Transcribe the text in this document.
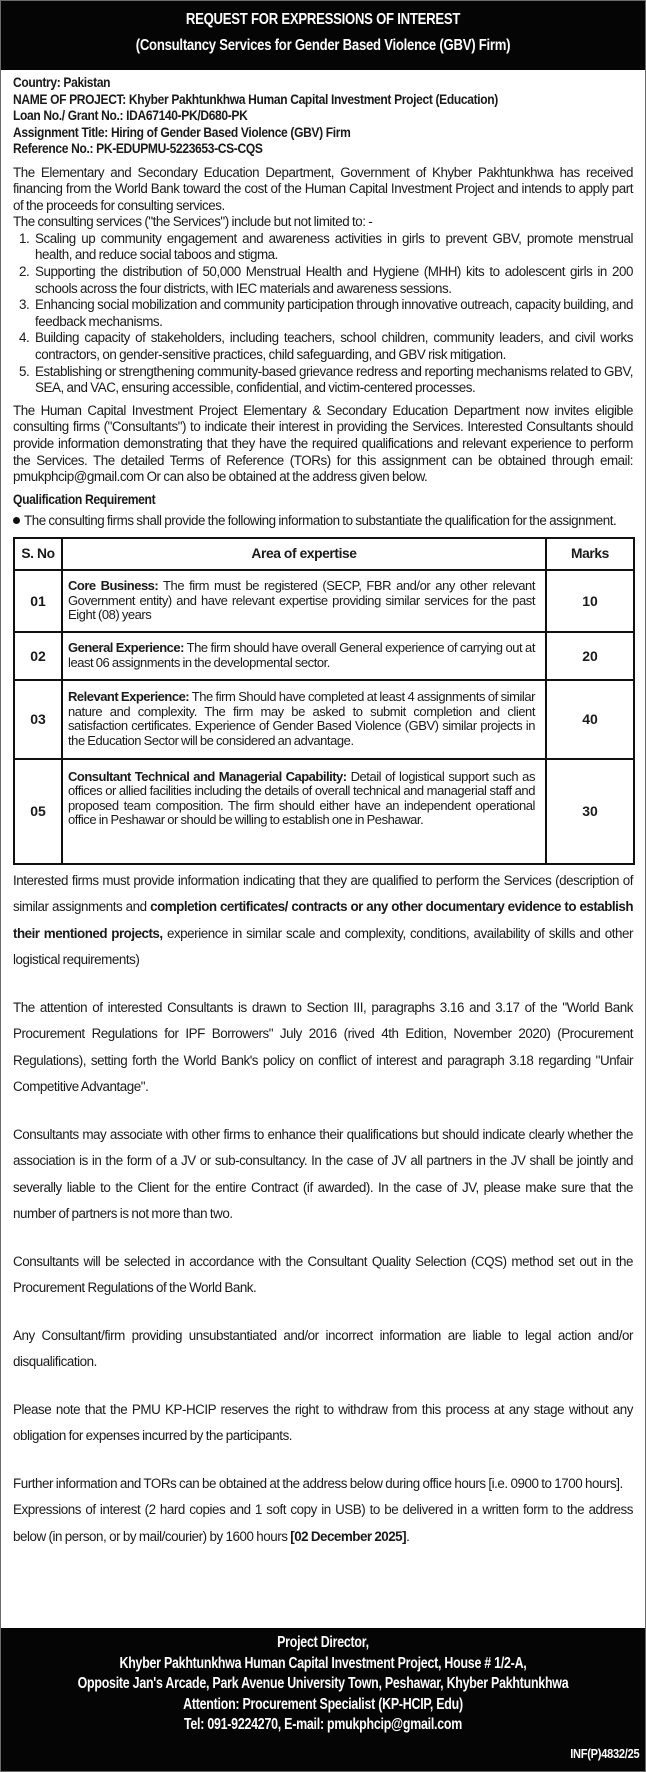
REQUEST FOR EXPRESSIONS OF INTEREST
(Consultancy Services for Gender Based Violence (GBV) Firm)
Country: Pakistan
NAME OF PROJECT: Khyber Pakhtunkhwa Human Capital Investment Project (Education)
Loan No./ Grant No.: IDA67140-PK/D680-PK
Assignment Title: Hiring of Gender Based Violence (GBV) Firm
Reference No.: PK-EDUPMU-5223653-CS-CQS

The Elementary and Secondary Education Department, Government of Khyber Pakhtunkhwa has received financing from the World Bank toward the cost of the Human Capital Investment Project and intends to apply part of the proceeds for consulting services.

The consulting services ("the Services") include but not limited to: -

1. Scaling up community engagement and awareness activities in girls to prevent GBV, promote menstrual health, and reduce social taboos and stigma.
2. Supporting the distribution of 50,000 Menstrual Health and Hygiene (MHH) kits to adolescent girls in 200 schools across the four districts, with IEC materials and awareness sessions.
3. Enhancing social mobilization and community participation through innovative outreach, capacity building, and feedback mechanisms.
4. Building capacity of stakeholders, including teachers, school children, community leaders, and civil works contractors, on gender-sensitive practices, child safeguarding, and GBV risk mitigation.
5. Establishing or strengthening community-based grievance redress and reporting mechanisms related to GBV, SEA, and VAC, ensuring accessible, confidential, and victim-centered processes.

The Human Capital Investment Project Elementary & Secondary Education Department now invites eligible consulting firms ("Consultants") to indicate their interest in providing the Services. Interested Consultants should provide information demonstrating that they have the required qualifications and relevant experience to perform the Services. The detailed Terms of Reference (TORs) for this assignment can be obtained through email: pmukphcip@gmail.com Or can also be obtained at the address given below.

Qualification Requirement
The consulting firms shall provide the following information to substantiate the qualification for the assignment.
S. No	Area of expertise	Marks
01	Core Business: The firm must be registered (SECP, FBR and/or any other relevant Government entity) and have relevant expertise providing similar services for the past Eight (08) years	10
02	General Experience: The firm should have overall General experience of carrying out at least 06 assignments in the developmental sector.	20
03	Relevant Experience: The firm Should have completed at least 4 assignments of similar nature and complexity. The firm may be asked to submit completion and client satisfaction certificates. Experience of Gender Based Violence (GBV) similar projects in the Education Sector will be considered an advantage.	40
05	Consultant Technical and Managerial Capability: Detail of logistical support such as offices or allied facilities including the details of overall technical and managerial staff and proposed team composition. The firm should either have an independent operational office in Peshawar or should be willing to establish one in Peshawar.	30

Interested firms must provide information indicating that they are qualified to perform the Services (description of similar assignments and completion certificates/ contracts or any other documentary evidence to establish their mentioned projects, experience in similar scale and complexity, conditions, availability of skills and other logistical requirements)

The attention of interested Consultants is drawn to Section III, paragraphs 3.16 and 3.17 of the "World Bank Procurement Regulations for IPF Borrowers" July 2016 (rived 4th Edition, November 2020) (Procurement Regulations), setting forth the World Bank's policy on conflict of interest and paragraph 3.18 regarding "Unfair Competitive Advantage".

Consultants may associate with other firms to enhance their qualifications but should indicate clearly whether the association is in the form of a JV or sub-consultancy. In the case of JV all partners in the JV shall be jointly and severally liable to the Client for the entire Contract (if awarded). In the case of JV, please make sure that the number of partners is not more than two.

Consultants will be selected in accordance with the Consultant Quality Selection (CQS) method set out in the Procurement Regulations of the World Bank.

Any Consultant/firm providing unsubstantiated and/or incorrect information are liable to legal action and/or disqualification.

Please note that the PMU KP-HCIP reserves the right to withdraw from this process at any stage without any obligation for expenses incurred by the participants.

Further information and TORs can be obtained at the address below during office hours [i.e. 0900 to 1700 hours].
Expressions of interest (2 hard copies and 1 soft copy in USB) to be delivered in a written form to the address below (in person, or by mail/courier) by 1600 hours [02 December 2025].

Project Director,
Khyber Pakhtunkhwa Human Capital Investment Project, House # 1/2-A,
Opposite Jan's Arcade, Park Avenue University Town, Peshawar, Khyber Pakhtunkhwa
Attention: Procurement Specialist (KP-HCIP, Edu)
Tel: 091-9224270, E-mail: pmukphcip@gmail.com
INF(P)4832/25
